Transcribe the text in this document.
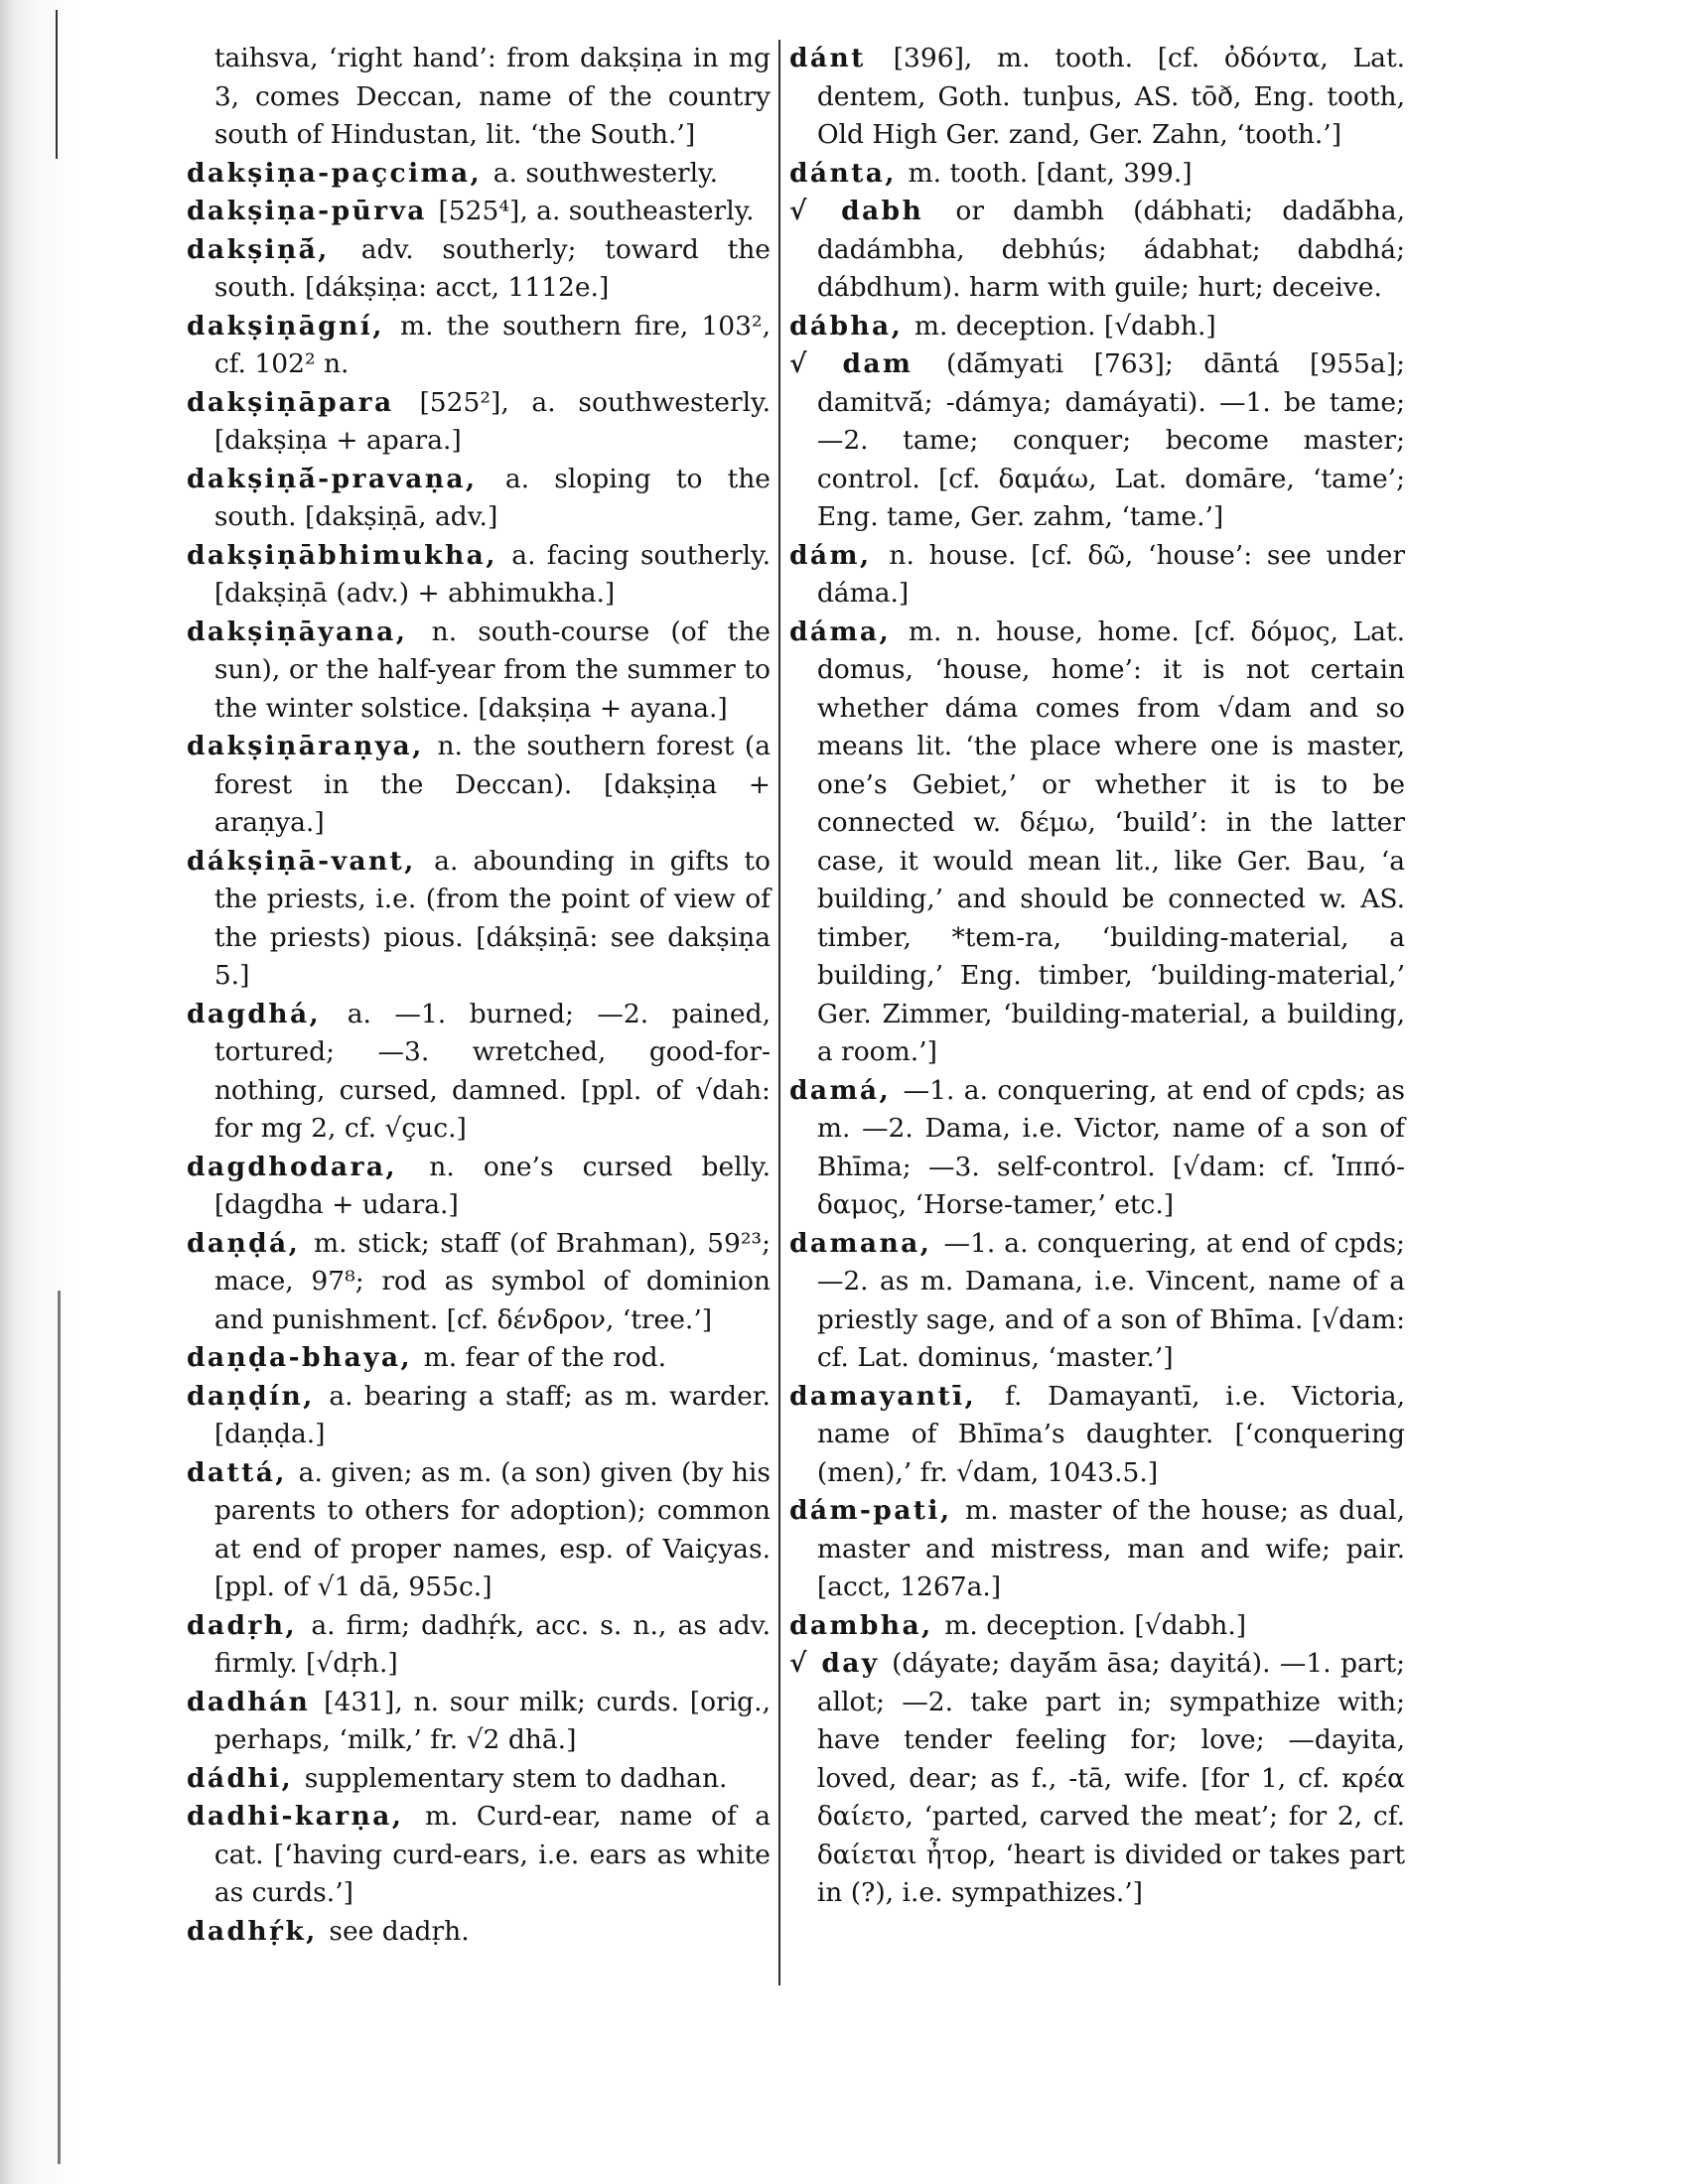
taihsva, ‘right hand’: from dakṣiṇa in mg 3, comes Deccan, name of the country south of Hindustan, lit. ‘the South.’]

dakṣiṇa-paçcima, a. southwesterly.

dakṣiṇa-pūrva [525⁴], a. southeasterly.

dakṣiṇā́, adv. southerly; toward the south. [dákṣiṇa: acct, 1112e.]

dakṣiṇāgní, m. the southern fire, 103², cf. 102² n.

dakṣiṇāpara [525²], a. southwesterly. [dakṣiṇa + apara.]

dakṣiṇā́-pravaṇa, a. sloping to the south. [dakṣiṇā, adv.]

dakṣiṇābhimukha, a. facing southerly. [dakṣiṇā (adv.) + abhimukha.]

dakṣiṇāyana, n. south-course (of the sun), or the half-year from the summer to the winter solstice. [dakṣiṇa + ayana.]

dakṣiṇāraṇya, n. the southern forest (a forest in the Deccan). [dakṣiṇa + araṇya.]

dákṣiṇā-vant, a. abounding in gifts to the priests, i.e. (from the point of view of the priests) pious. [dákṣiṇā: see dakṣiṇa 5.]

dagdhá, a. —1. burned; —2. pained, tortured; —3. wretched, good-for-nothing, cursed, damned. [ppl. of √dah: for mg 2, cf. √çuc.]

dagdhodara, n. one’s cursed belly. [dagdha + udara.]

daṇḍá, m. stick; staff (of Brahman), 59²³; mace, 97⁸; rod as symbol of dominion and punishment. [cf. δένδρον, ‘tree.’]

daṇḍa-bhaya, m. fear of the rod.

daṇḍín, a. bearing a staff; as m. warder. [daṇḍa.]

dattá, a. given; as m. (a son) given (by his parents to others for adoption); common at end of proper names, esp. of Vaiçyas. [ppl. of √1 dā, 955c.]

dadṛh, a. firm; dadhṛ́k, acc. s. n., as adv. firmly. [√dṛh.]

dadhán [431], n. sour milk; curds. [orig., perhaps, ‘milk,’ fr. √2 dhā.]

dádhi, supplementary stem to dadhan.

dadhi-karṇa, m. Curd-ear, name of a cat. [‘having curd-ears, i.e. ears as white as curds.’]

dadhṛ́k, see dadṛh.

dánt [396], m. tooth. [cf. ὀδόντα, Lat. dentem, Goth. tunþus, AS. tōð, Eng. tooth, Old High Ger. zand, Ger. Zahn, ‘tooth.’]

dánta, m. tooth. [dant, 399.]

√ dabh or dambh (dábhati; dadā́bha, dadámbha, debhús; ádabhat; dabdhá; dábdhum). harm with guile; hurt; deceive.

dábha, m. deception. [√dabh.]

√ dam (dā́myati [763]; dāntá [955a]; damitvā́; -dámya; damáyati). —1. be tame; —2. tame; conquer; become master; control. [cf. δαμάω, Lat. domāre, ‘tame’; Eng. tame, Ger. zahm, ‘tame.’]

dám, n. house. [cf. δῶ, ‘house’: see under dáma.]

dáma, m. n. house, home. [cf. δόμος, Lat. domus, ‘house, home’: it is not certain whether dáma comes from √dam and so means lit. ‘the place where one is master, one’s Gebiet,’ or whether it is to be connected w. δέμω, ‘build’: in the latter case, it would mean lit., like Ger. Bau, ‘a building,’ and should be connected w. AS. timber, *tem-ra, ‘building-material, a building,’ Eng. timber, ‘building-material,’ Ger. Zimmer, ‘building-material, a building, a room.’]

damá, —1. a. conquering, at end of cpds; as m. —2. Dama, i.e. Victor, name of a son of Bhīma; —3. self-control. [√dam: cf. Ἱππό-δαμος, ‘Horse-tamer,’ etc.]

damana, —1. a. conquering, at end of cpds; —2. as m. Damana, i.e. Vincent, name of a priestly sage, and of a son of Bhīma. [√dam: cf. Lat. dominus, ‘master.’]

damayantī, f. Damayantī, i.e. Victoria, name of Bhīma’s daughter. [‘conquering (men),’ fr. √dam, 1043.5.]

dám-pati, m. master of the house; as dual, master and mistress, man and wife; pair. [acct, 1267a.]

dambha, m. deception. [√dabh.]

√ day (dáyate; dayā́m āsa; dayitá). —1. part; allot; —2. take part in; sympathize with; have tender feeling for; love; —dayita, loved, dear; as f., -tā, wife. [for 1, cf. κρέα δαίετο, ‘parted, carved the meat’; for 2, cf. δαίεται ἦτορ, ‘heart is divided or takes part in (?), i.e. sympathizes.’]
